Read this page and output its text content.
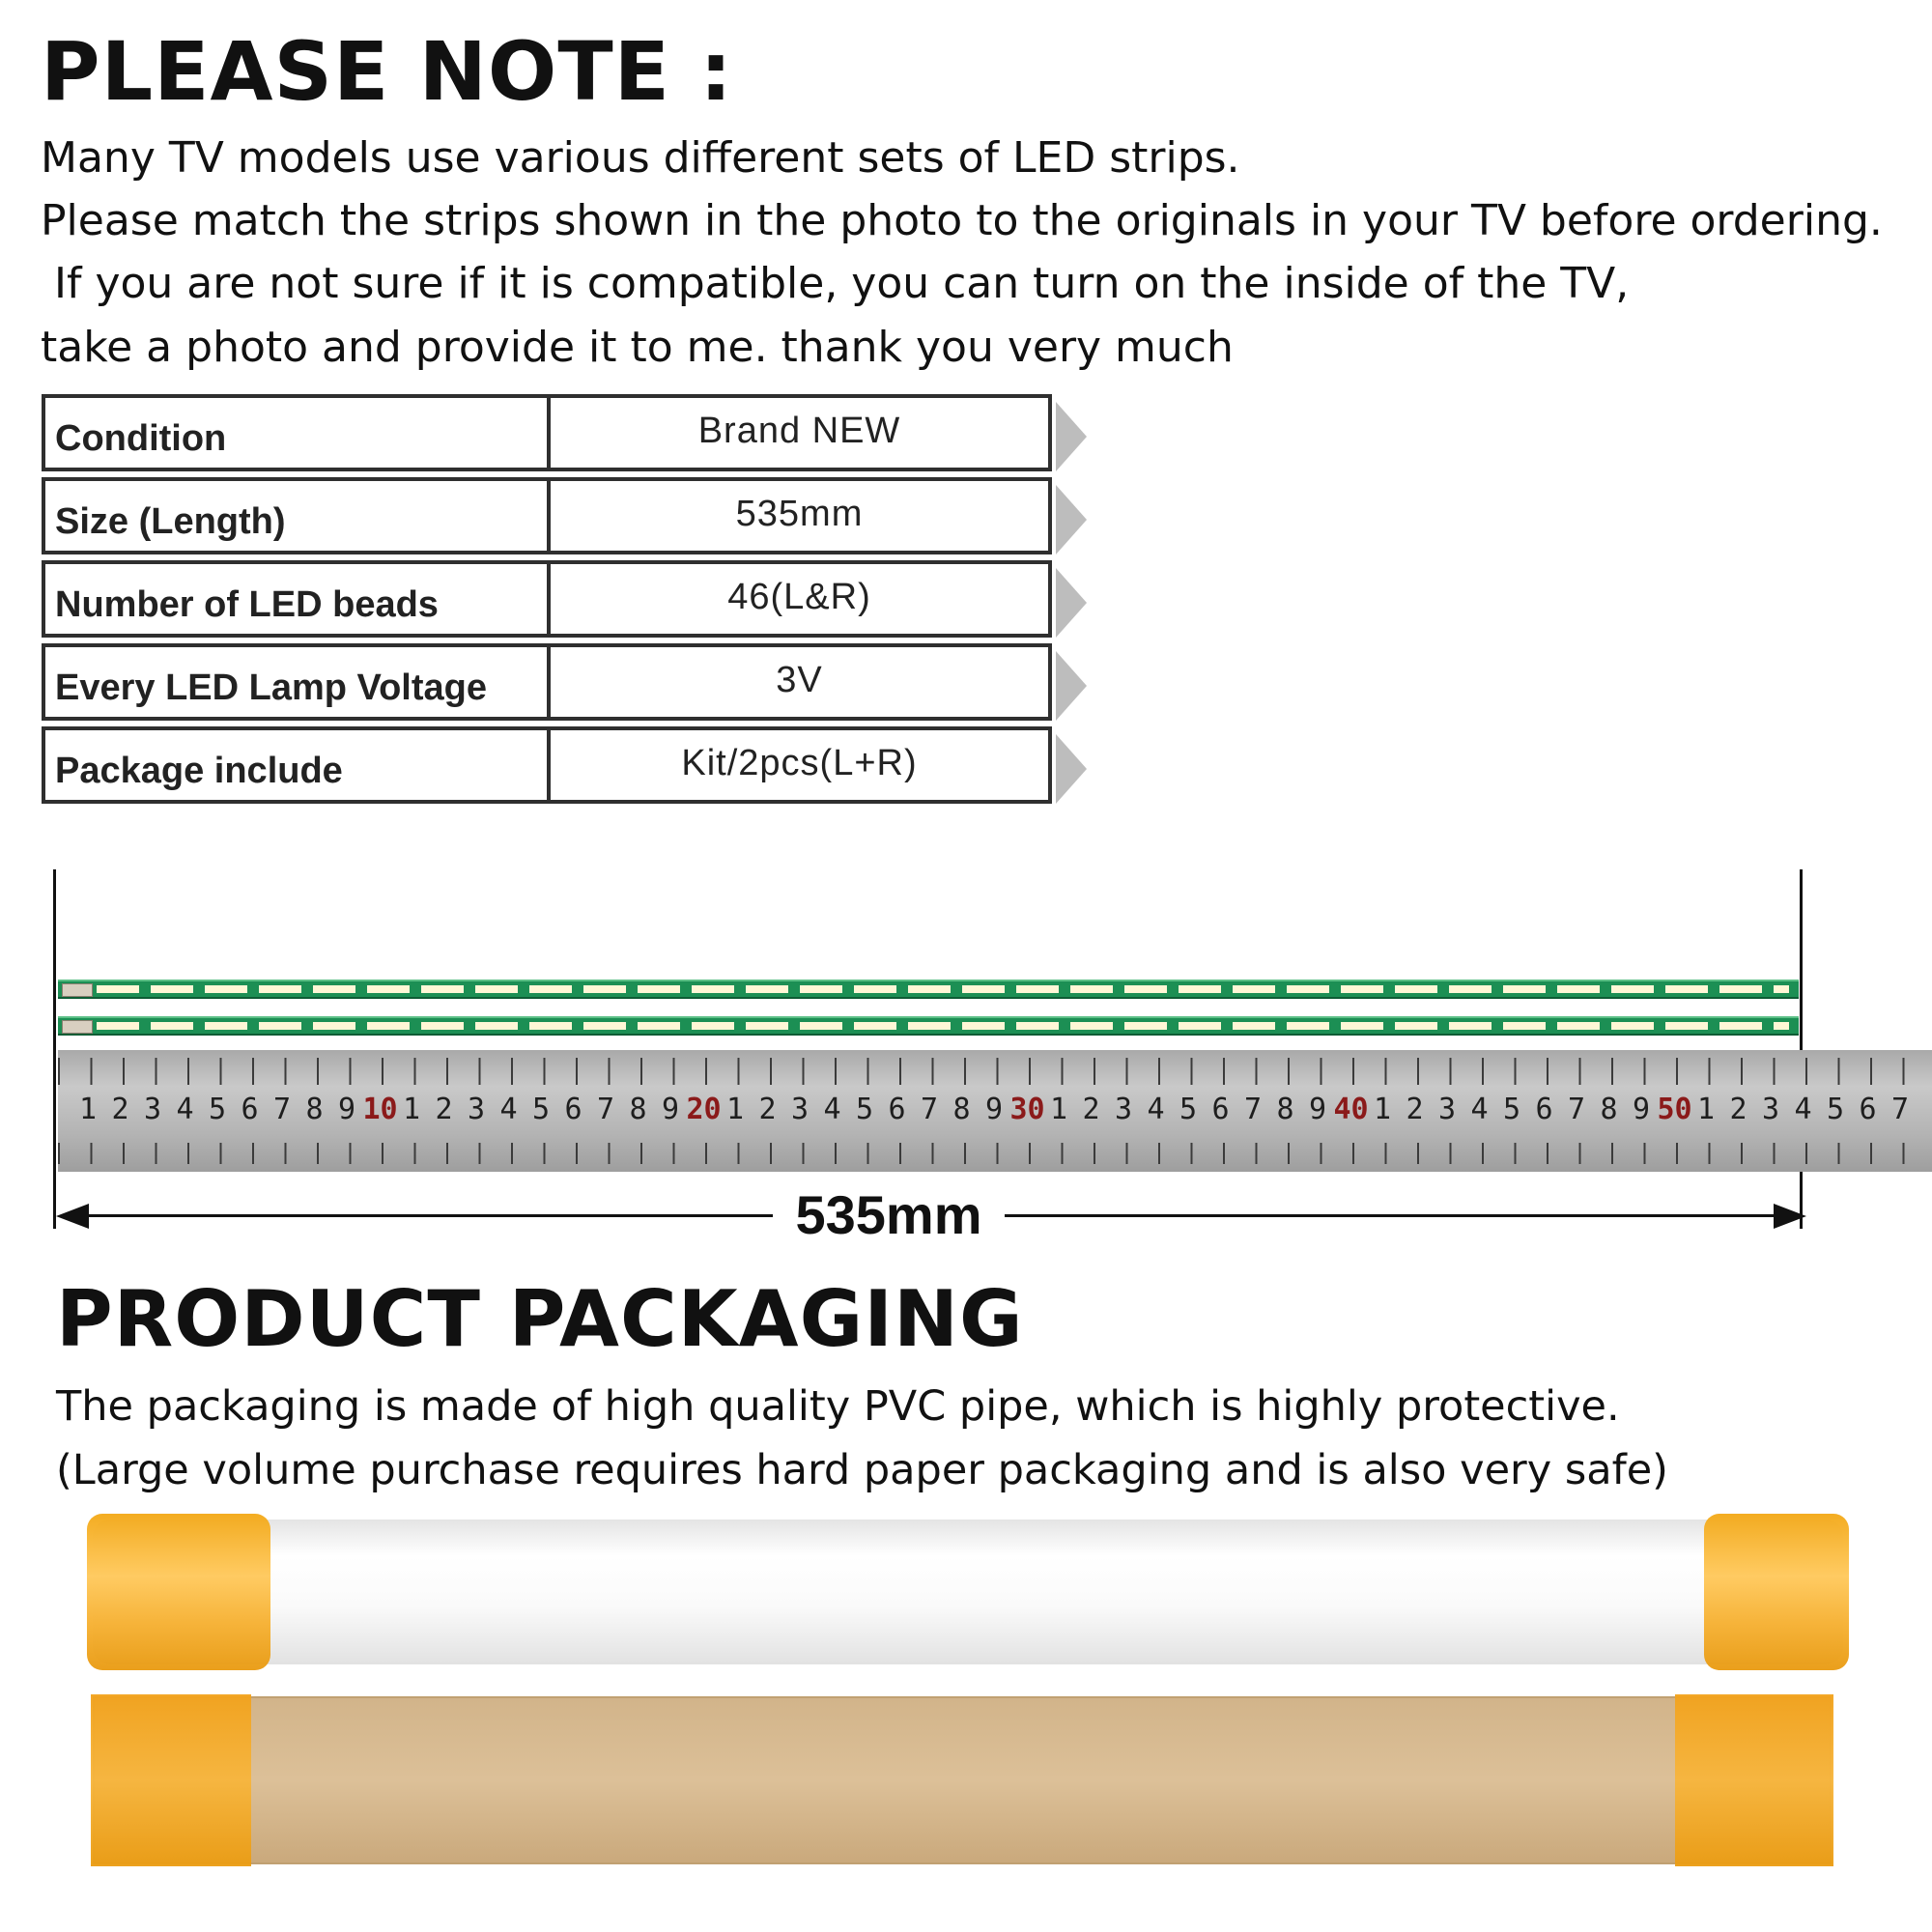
PLEASE NOTE :

Many TV models use various different sets of LED strips.

Please match the strips shown in the photo to the originals in your TV before ordering.

If you are not sure if it is compatible, you can turn on the inside of the TV,

take a photo and provide it to me. thank you very much

Condition	Brand NEW
Size (Length)	535mm
Number of LED beads	46(L&R)
Every LED Lamp Voltage	3V
Package include	Kit/2pcs(L+R)
1 2 3 4 5 6 7 8 9 10 1 2 3 4 5 6 7 8 9 20 1 2 3 4 5 6 7 8 9 30 1 2 3 4 5 6 7 8 9 40 1 2 3 4 5 6 7 8 9 50 1 2 3 4 5 6 7
535mm
PRODUCT PACKAGING

The packaging is made of high quality PVC pipe, which is highly protective.

(Large volume purchase requires hard paper packaging and is also very safe)
